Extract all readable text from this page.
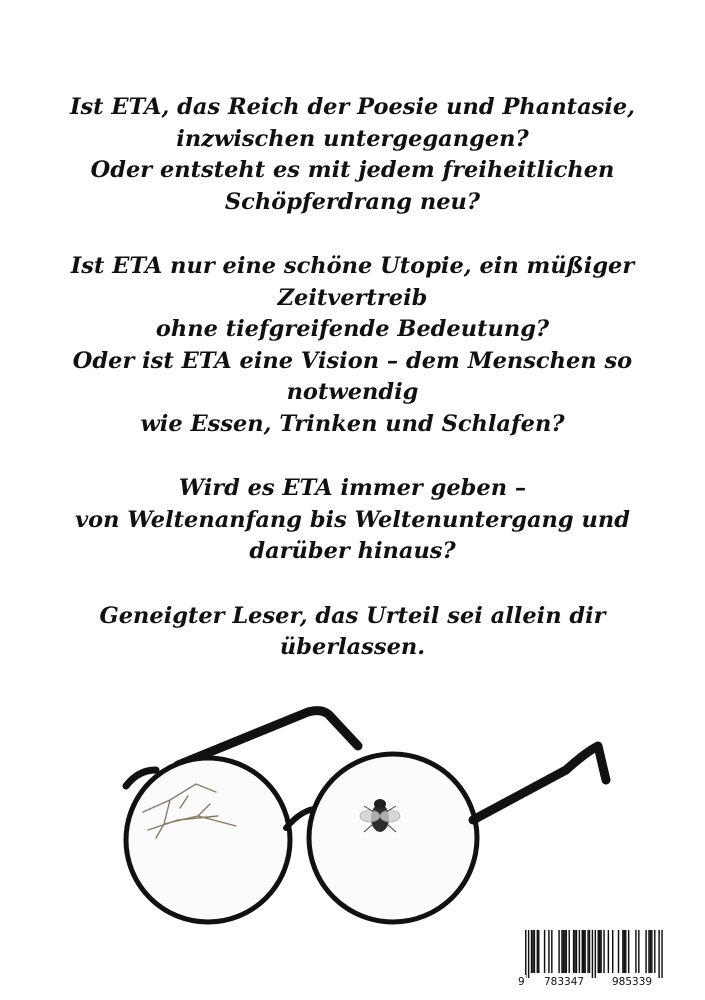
Ist ETA, das Reich der Poesie und Phantasie,
inzwischen untergegangen?
Oder entsteht es mit jedem freiheitlichen
Schöpferdrang neu?
Ist ETA nur eine schöne Utopie, ein müßiger
Zeitvertreib
ohne tiefgreifende Bedeutung?
Oder ist ETA eine Vision – dem Menschen so
notwendig
wie Essen, Trinken und Schlafen?
Wird es ETA immer geben –
von Weltenanfang bis Weltenuntergang und
darüber hinaus?
Geneigter Leser, das Urteil sei allein dir
überlassen.
9 783347	985339
